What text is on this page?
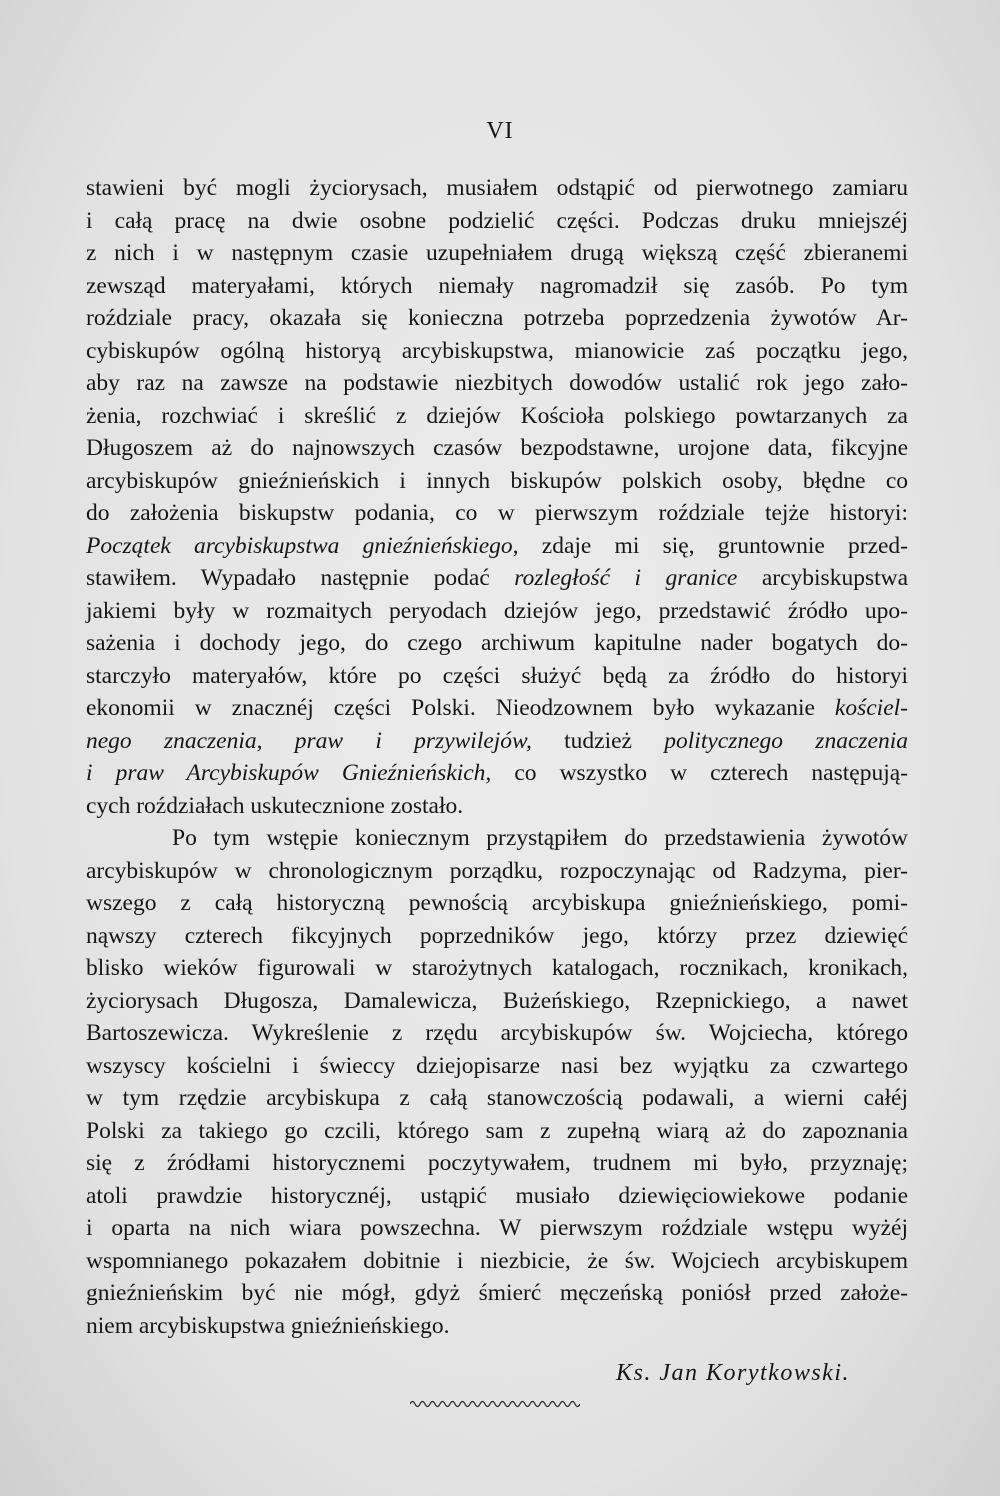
VI
stawieni być mogli życiorysach, musiałem odstąpić od pierwotnego zamiaru
i całą pracę na dwie osobne podzielić części. Podczas druku mniejszéj
z nich i w następnym czasie uzupełniałem drugą większą część zbieranemi
zewsząd materyałami, których niemały nagromadził się zasób. Po tym
roździale pracy, okazała się konieczna potrzeba poprzedzenia żywotów Ar-
cybiskupów ogólną historyą arcybiskupstwa, mianowicie zaś początku jego,
aby raz na zawsze na podstawie niezbitych dowodów ustalić rok jego zało-
żenia, rozchwiać i skreślić z dziejów Kościoła polskiego powtarzanych za
Długoszem aż do najnowszych czasów bezpodstawne, urojone data, fikcyjne
arcybiskupów gnieźnieńskich i innych biskupów polskich osoby, błędne co
do założenia biskupstw podania, co w pierwszym roździale tejże historyi:
Początek arcybiskupstwa gnieźnieńskiego, zdaje mi się, gruntownie przed-
stawiłem. Wypadało następnie podać rozległość i granice arcybiskupstwa
jakiemi były w rozmaitych peryodach dziejów jego, przedstawić źródło upo-
sażenia i dochody jego, do czego archiwum kapitulne nader bogatych do-
starczyło materyałów, które po części służyć będą za źródło do historyi
ekonomii w znacznéj części Polski. Nieodzownem było wykazanie kościel-
nego znaczenia, praw i przywilejów, tudzież politycznego znaczenia
i praw Arcybiskupów Gnieźnieńskich, co wszystko w czterech następują-
cych roździałach uskutecznione zostało.
Po tym wstępie koniecznym przystąpiłem do przedstawienia żywotów
arcybiskupów w chronologicznym porządku, rozpoczynając od Radzyma, pier-
wszego z całą historyczną pewnością arcybiskupa gnieźnieńskiego, pomi-
nąwszy czterech fikcyjnych poprzedników jego, którzy przez dziewięć
blisko wieków figurowali w starożytnych katalogach, rocznikach, kronikach,
życiorysach Długosza, Damalewicza, Bużeńskiego, Rzepnickiego, a nawet
Bartoszewicza. Wykreślenie z rzędu arcybiskupów św. Wojciecha, którego
wszyscy kościelni i świeccy dziejopisarze nasi bez wyjątku za czwartego
w tym rzędzie arcybiskupa z całą stanowczością podawali, a wierni całéj
Polski za takiego go czcili, którego sam z zupełną wiarą aż do zapoznania
się z źródłami historycznemi poczytywałem, trudnem mi było, przyznaję;
atoli prawdzie historycznéj, ustąpić musiało dziewięciowiekowe podanie
i oparta na nich wiara powszechna. W pierwszym roździale wstępu wyżéj
wspomnianego pokazałem dobitnie i niezbicie, że św. Wojciech arcybiskupem
gnieźnieńskim być nie mógł, gdyż śmierć męczeńską poniósł przed założe-
niem arcybiskupstwa gnieźnieńskiego.
Ks. Jan Korytkowski.
